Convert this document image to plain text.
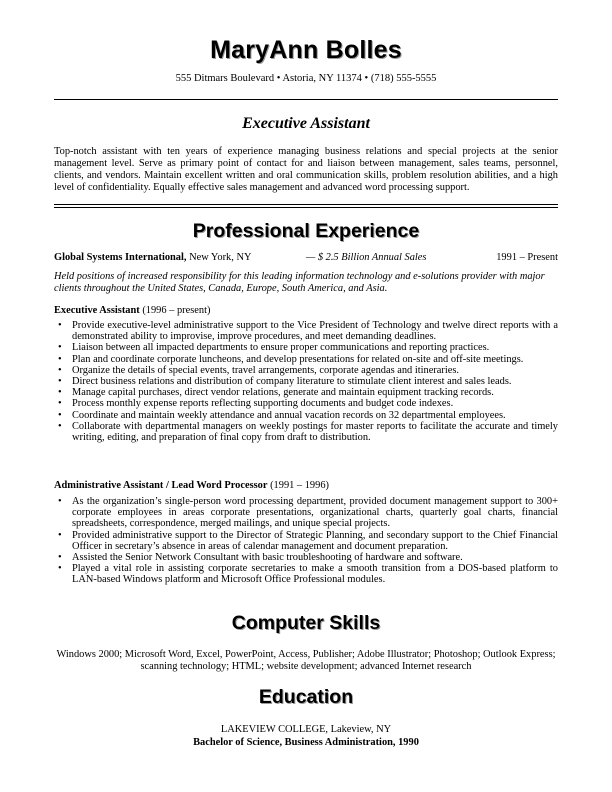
MaryAnn Bolles
555 Ditmars Boulevard • Astoria, NY 11374 • (718) 555-5555
Executive Assistant
Top-notch assistant with ten years of experience managing business relations and special projects at the senior management level. Serve as primary point of contact for and liaison between management, sales teams, personnel, clients, and vendors. Maintain excellent written and oral communication skills, problem resolution abilities, and a high level of confidentiality. Equally effective sales management and advanced word processing support.
Professional Experience
Global Systems International, New York, NY	— $ 2.5 Billion Annual Sales	1991 – Present
Held positions of increased responsibility for this leading information technology and e-solutions provider with major clients throughout the United States, Canada, Europe, South America, and Asia.
Executive Assistant (1996 – present)
• Provide executive-level administrative support to the Vice President of Technology and twelve direct reports with a demonstrated ability to improvise, improve procedures, and meet demanding deadlines.
• Liaison between all impacted departments to ensure proper communications and reporting practices.
• Plan and coordinate corporate luncheons, and develop presentations for related on-site and off-site meetings.
• Organize the details of special events, travel arrangements, corporate agendas and itineraries.
• Direct business relations and distribution of company literature to stimulate client interest and sales leads.
• Manage capital purchases, direct vendor relations, generate and maintain equipment tracking records.
• Process monthly expense reports reflecting supporting documents and budget code indexes.
• Coordinate and maintain weekly attendance and annual vacation records on 32 departmental employees.
• Collaborate with departmental managers on weekly postings for master reports to facilitate the accurate and timely writing, editing, and preparation of final copy from draft to distribution.
Administrative Assistant / Lead Word Processor (1991 – 1996)
• As the organization’s single-person word processing department, provided document management support to 300+ corporate employees in areas corporate presentations, organizational charts, quarterly goal charts, financial spreadsheets, correspondence, merged mailings, and unique special projects.
• Provided administrative support to the Director of Strategic Planning, and secondary support to the Chief Financial Officer in secretary’s absence in areas of calendar management and document preparation.
• Assisted the Senior Network Consultant with basic troubleshooting of hardware and software.
• Played a vital role in assisting corporate secretaries to make a smooth transition from a DOS-based platform to LAN-based Windows platform and Microsoft Office Professional modules.
Computer Skills
Windows 2000; Microsoft Word, Excel, PowerPoint, Access, Publisher; Adobe Illustrator; Photoshop; Outlook Express; scanning technology; HTML; website development; advanced Internet research
Education
LAKEVIEW COLLEGE, Lakeview, NY
Bachelor of Science, Business Administration, 1990
